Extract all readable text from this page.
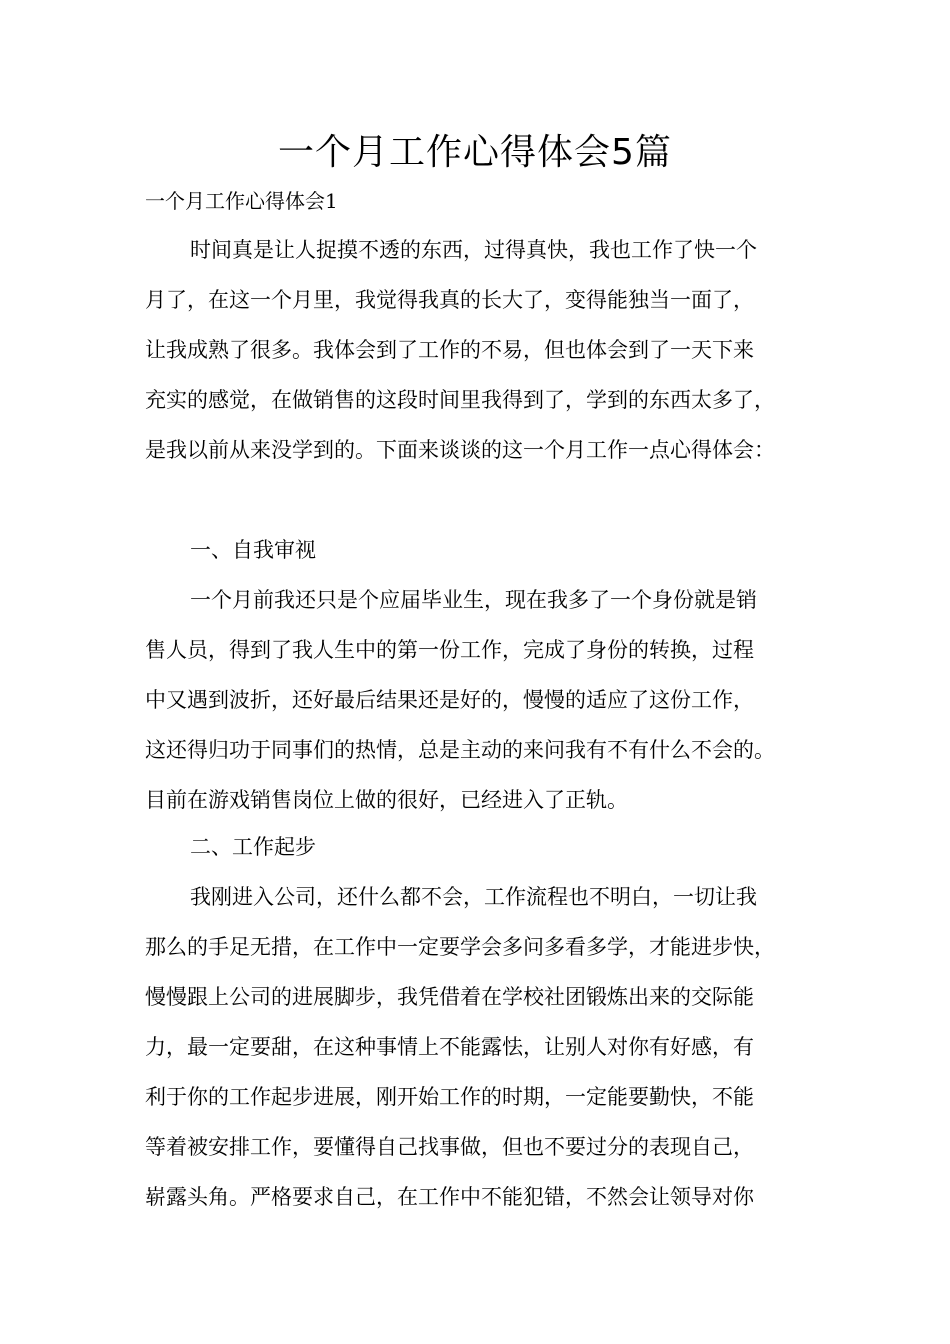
一个月工作心得体会5篇

一个月工作心得体会1

时间真是让人捉摸不透的东西，过得真快，我也工作了快一个

月了，在这一个月里，我觉得我真的长大了，变得能独当一面了，

让我成熟了很多。我体会到了工作的不易，但也体会到了一天下来

充实的感觉，在做销售的这段时间里我得到了，学到的东西太多了，

是我以前从来没学到的。下面来谈谈的这一个月工作一点心得体会：

一、自我审视

一个月前我还只是个应届毕业生，现在我多了一个身份就是销

售人员，得到了我人生中的第一份工作，完成了身份的转换，过程

中又遇到波折，还好最后结果还是好的，慢慢的适应了这份工作，

这还得归功于同事们的热情，总是主动的来问我有不有什么不会的。

目前在游戏销售岗位上做的很好，已经进入了正轨。

二、工作起步

我刚进入公司，还什么都不会，工作流程也不明白，一切让我

那么的手足无措，在工作中一定要学会多问多看多学，才能进步快，

慢慢跟上公司的进展脚步，我凭借着在学校社团锻炼出来的交际能

力，最一定要甜，在这种事情上不能露怯，让别人对你有好感，有

利于你的工作起步进展，刚开始工作的时期，一定能要勤快，不能

等着被安排工作，要懂得自己找事做，但也不要过分的表现自己，

崭露头角。严格要求自己，在工作中不能犯错，不然会让领导对你
